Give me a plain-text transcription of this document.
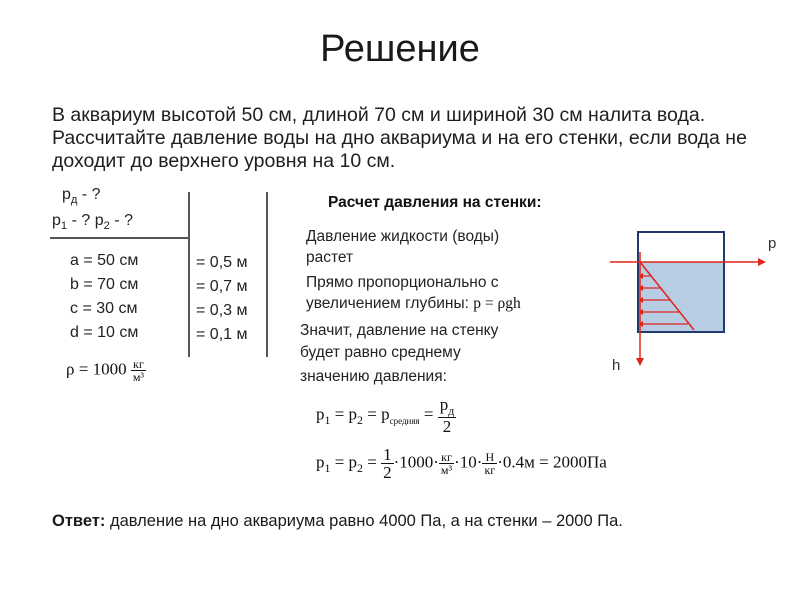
Решение
В аквариум высотой 50 см, длиной 70 см и шириной 30 см налита вода. Рассчитайте давление воды на дно аквариума и на его стенки, если вода не доходит до верхнего уровня на 10 см.
$p_д$ - ?
$p_1$ - ? $p_2$ - ?
a = 50 см
b = 70 см
c = 30 см
d = 10 см
$\rho = 1000 \frac{кг}{\text{м³}}$
= 0,5 м
= 0,7 м
= 0,3 м
= 0,1 м
Расчет давления на стенки:
Давление жидкости (воды)
растет
Прямо пропорционально с
увеличением глубины: p = ρgh
Значит, давление на стенку
будет равно среднему
значению давления:
$p_1 = p_2 = p_{средняя} = \frac{p_д}{2}$
$p_1 = p_2 = \frac{1}{2} \cdot 1000\cdot \frac{кг}{\text{м³}} \cdot 10\cdot \frac{Н}{кг} \cdot 0.4м = 2000Па$
p
h
Ответ: давление на дно аквариума равно 4000 Па, а на стенки – 2000 Па.
